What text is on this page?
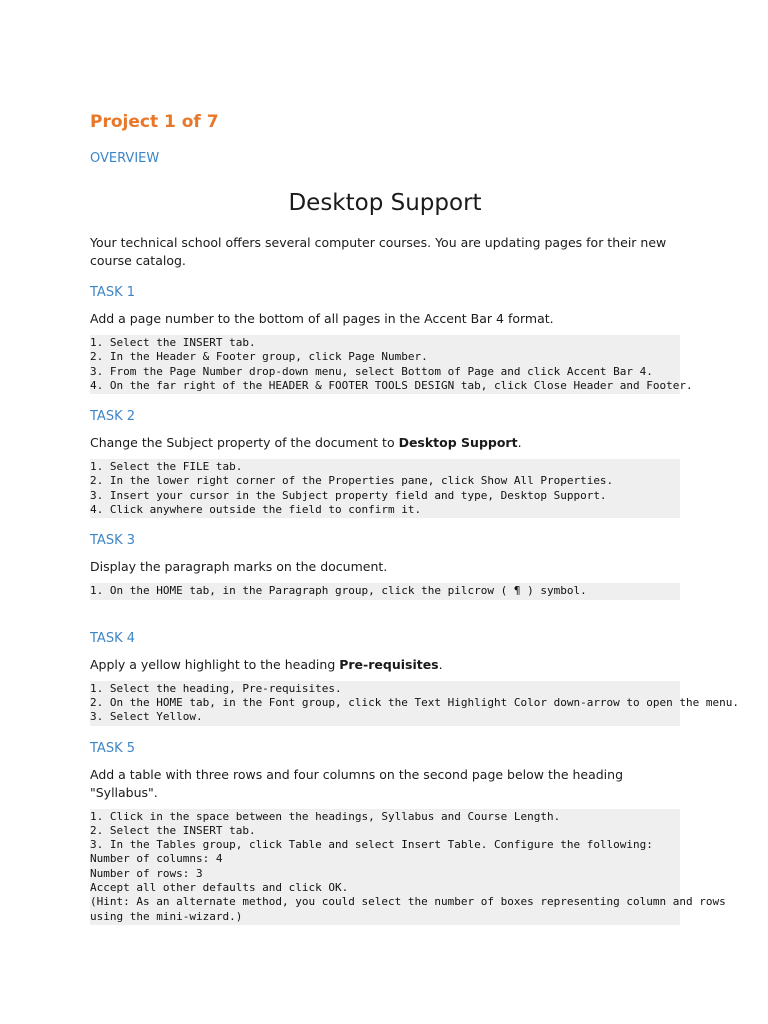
Project 1 of 7
OVERVIEW
Desktop Support

Your technical school offers several computer courses. You are updating pages for their new course catalog.

TASK 1

Add a page number to the bottom of all pages in the Accent Bar 4 format.

1. Select the INSERT tab.
2. In the Header & Footer group, click Page Number.
3. From the Page Number drop-down menu, select Bottom of Page and click Accent Bar 4.
4. On the far right of the HEADER & FOOTER TOOLS DESIGN tab, click Close Header and Footer.
TASK 2

Change the Subject property of the document to Desktop Support.

1. Select the FILE tab.
2. In the lower right corner of the Properties pane, click Show All Properties.
3. Insert your cursor in the Subject property field and type, Desktop Support.
4. Click anywhere outside the field to confirm it.
TASK 3

Display the paragraph marks on the document.

1. On the HOME tab, in the Paragraph group, click the pilcrow ( ¶ ) symbol.
TASK 4

Apply a yellow highlight to the heading Pre-requisites.

1. Select the heading, Pre-requisites.
2. On the HOME tab, in the Font group, click the Text Highlight Color down-arrow to open the menu.
3. Select Yellow.
TASK 5

Add a table with three rows and four columns on the second page below the heading "Syllabus".

1. Click in the space between the headings, Syllabus and Course Length.
2. Select the INSERT tab.
3. In the Tables group, click Table and select Insert Table. Configure the following:
Number of columns: 4
Number of rows: 3
Accept all other defaults and click OK.
(Hint: As an alternate method, you could select the number of boxes representing column and rows
using the mini-wizard.)
